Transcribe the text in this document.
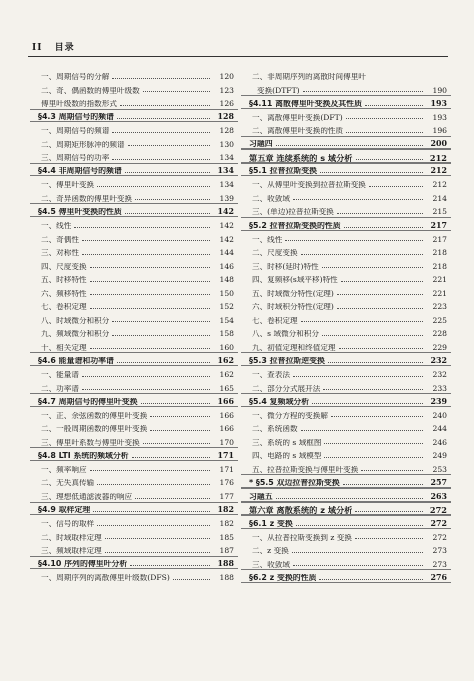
II 目录
一、周期信号的分解	120
二、奇、偶函数的傅里叶级数	123
傅里叶级数的指数形式	126
§4.3 周期信号的频谱	128
一、周期信号的频谱	128
二、周期矩形脉冲的频谱	130
三、周期信号的功率	134
§4.4 非周期信号的频谱	134
一、傅里叶变换	134
二、奇异函数的傅里叶变换	139
§4.5 傅里叶变换的性质	142
一、线性	142
二、奇偶性	142
三、对称性	144
四、尺度变换	146
五、时移特性	148
六、频移特性	150
七、卷积定理	152
八、时域微分和积分	154
九、频域微分和积分	158
十、相关定理	160
§4.6 能量谱和功率谱	162
一、能量谱	162
二、功率谱	165
§4.7 周期信号的傅里叶变换	166
一、正、余弦函数的傅里叶变换	166
二、一般周期函数的傅里叶变换	166
三、傅里叶系数与傅里叶变换	170
§4.8 LTI 系统的频域分析	171
一、频率响应	171
二、无失真传输	176
三、理想低通滤波器的响应	177
§4.9 取样定理	182
一、信号的取样	182
二、时域取样定理	185
三、频域取样定理	187
§4.10 序列的傅里叶分析	188
一、周期序列的离散傅里叶级数(DFS)	188
二、非周期序列的离散时间傅里叶
变换(DTFT)	190
§4.11 离散傅里叶变换及其性质	193
一、离散傅里叶变换(DFT)	193
二、离散傅里叶变换的性质	196
习题四	200
第五章 连续系统的 s 域分析	212
§5.1 拉普拉斯变换	212
一、从傅里叶变换到拉普拉斯变换	212
二、收敛域	214
三、(单边)拉普拉斯变换	215
§5.2 拉普拉斯变换的性质	217
一、线性	217
二、尺度变换	218
三、时移(延时)特性	218
四、复频移(s域平移)特性	221
五、时域微分特性(定理)	221
六、时域积分特性(定理)	223
七、卷积定理	225
八、s 域微分和积分	228
九、初值定理和终值定理	229
§5.3 拉普拉斯逆变换	232
一、查表法	232
二、部分分式展开法	233
§5.4 复频域分析	239
一、微分方程的变换解	240
二、系统函数	244
三、系统的 s 域框图	246
四、电路的 s 域模型	249
五、拉普拉斯变换与傅里叶变换	253
* §5.5 双边拉普拉斯变换	257
习题五	263
第六章 离散系统的 z 域分析	272
§6.1 z 变换	272
一、从拉普拉斯变换到 z 变换	272
二、z 变换	273
三、收敛域	273
§6.2 z 变换的性质	276
